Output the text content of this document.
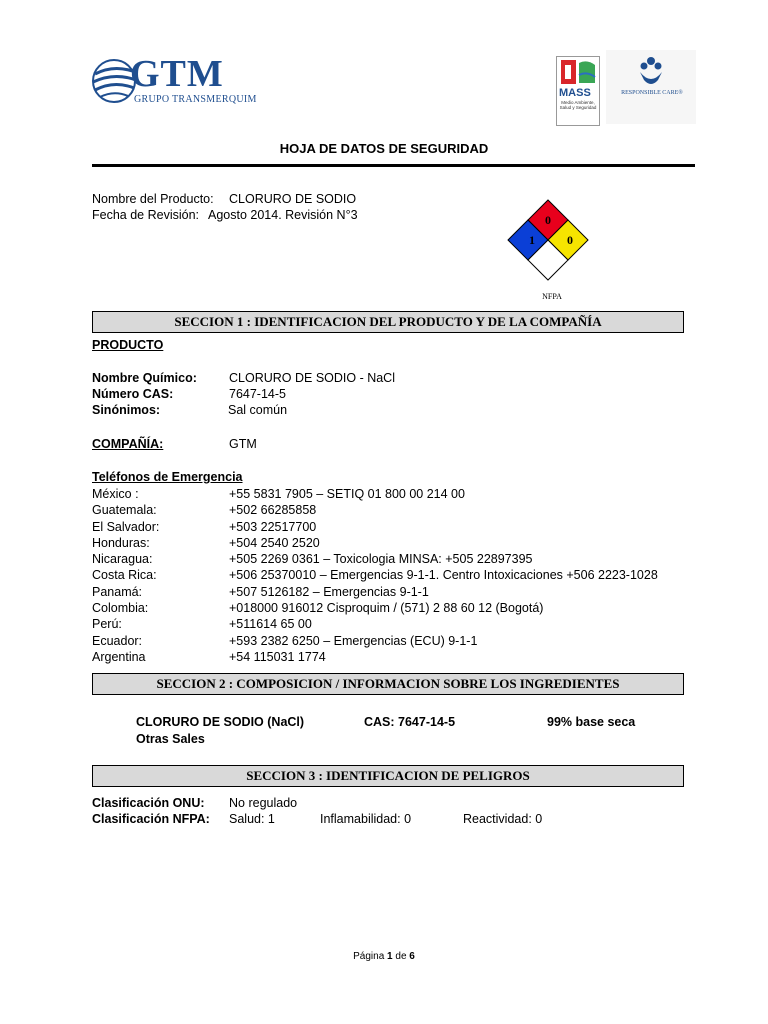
GTM
GRUPO TRANSMERQUIM
MASS
Medio Ambiente, Salud y Seguridad
RESPONSIBLE CARE®
HOJA DE DATOS DE SEGURIDAD
Nombre del Producto: CLORURO DE SODIO
Fecha de Revisión: Agosto 2014. Revisión N°3	0
1	0
NFPA
SECCION 1 : IDENTIFICACION DEL PRODUCTO Y DE LA COMPAÑÍA
PRODUCTO
Nombre Químico:	CLORURO DE SODIO - NaCl
Número CAS:	7647-14-5
Sinónimos:	Sal común
COMPAÑÍA:	GTM
Teléfonos de Emergencia
México :	+55 5831 7905 – SETIQ 01 800 00 214 00
Guatemala:	+502 66285858
El Salvador:	+503 22517700
Honduras:	+504 2540 2520
Nicaragua:	+505 2269 0361 – Toxicologia MINSA: +505 22897395
Costa Rica:	+506 25370010 – Emergencias 9-1-1. Centro Intoxicaciones +506 2223-1028
Panamá:	+507 5126182 – Emergencias 9-1-1
Colombia:	+018000 916012 Cisproquim / (571) 2 88 60 12 (Bogotá)
Perú:	+511614 65 00
Ecuador:	+593 2382 6250 – Emergencias (ECU) 9-1-1
Argentina	+54 115031 1774
SECCION 2 : COMPOSICION / INFORMACION SOBRE LOS INGREDIENTES
CLORURO DE SODIO (NaCl)	CAS: 7647-14-5	99% base seca
Otras Sales
SECCION 3 : IDENTIFICACION DE PELIGROS
Clasificación ONU: No regulado
Clasificación NFPA: Salud: 1	Inflamabilidad: 0	Reactividad: 0
Página 1 de 6
